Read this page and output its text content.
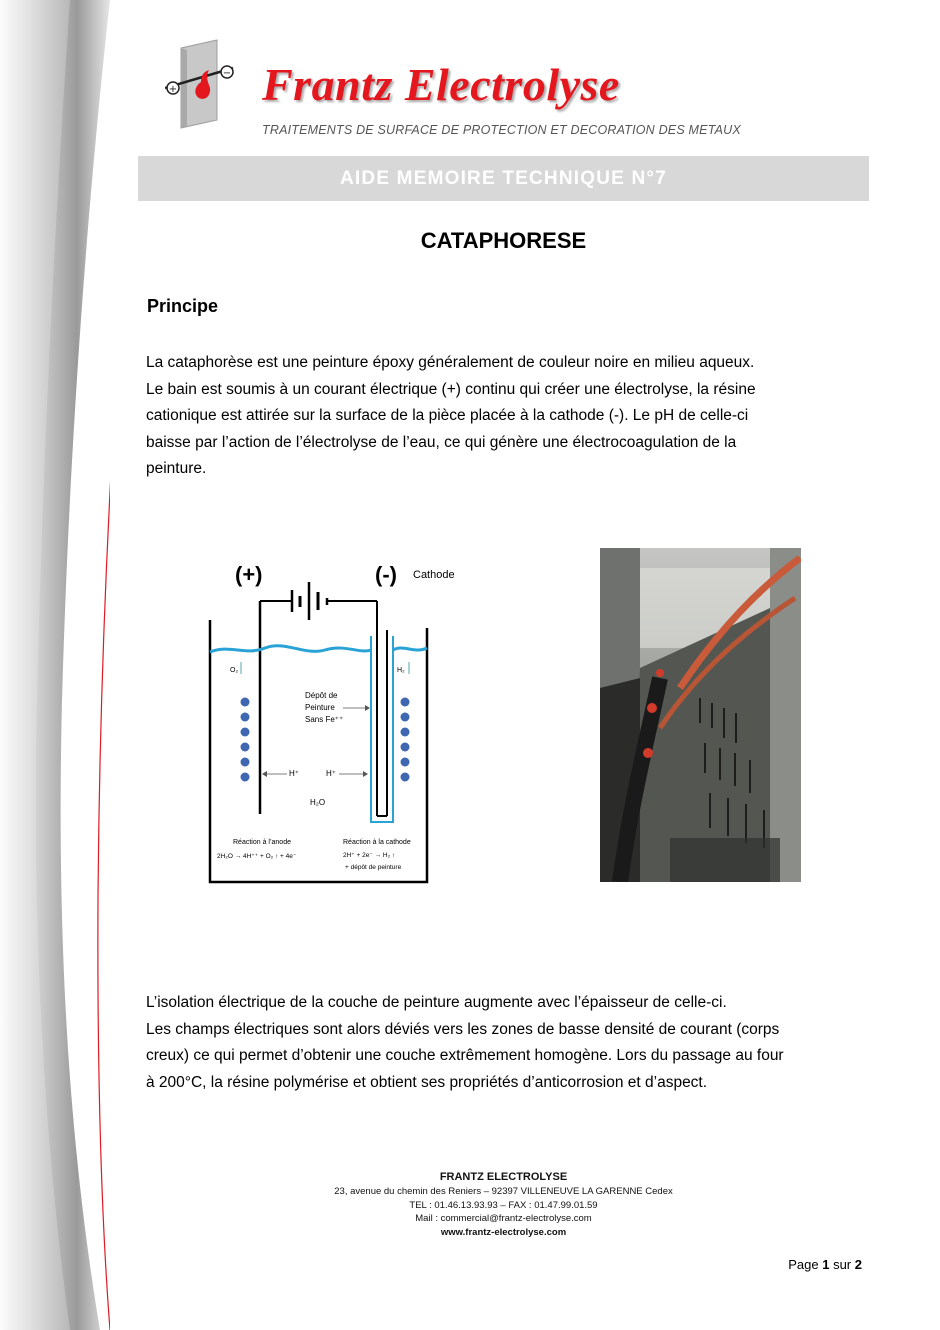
+
− Frantz Electrolyse
TRAITEMENTS DE SURFACE DE PROTECTION ET DECORATION DES METAUX
AIDE MEMOIRE TECHNIQUE N°7
CATAPHORESE
Principe
La cataphorèse est une peinture époxy généralement de couleur noire en milieu aqueux.
Le bain est soumis à un courant électrique (+) continu qui créer une électrolyse, la résine
cationique est attirée sur la surface de la pièce placée à la cathode (-). Le pH de celle-ci
baisse par l’action de l’électrolyse de l’eau, ce qui génère une électrocoagulation de la
peinture.
(+)	(-) Cathode
O₂	H₂
Dépôt de
Peinture
Sans Fe⁺⁺
H⁺	H⁺
H₂O
Réaction à l’anode
2H₂O → 4H⁺⁺ + O₂ ↑ + 4e⁻
Réaction à la cathode
2H⁺ + 2e⁻ → H₂ ↑
+ dépôt de peinture
L’isolation électrique de la couche de peinture augmente avec l’épaisseur de celle-ci.
Les champs électriques sont alors déviés vers les zones de basse densité de courant (corps
creux) ce qui permet d’obtenir une couche extrêmement homogène. Lors du passage au four
à 200°C, la résine polymérise et obtient ses propriétés d’anticorrosion et d’aspect.
FRANTZ ELECTROLYSE
23, avenue du chemin des Reniers – 92397 VILLENEUVE LA GARENNE Cedex
TEL : 01.46.13.93.93 – FAX : 01.47.99.01.59
Mail : commercial@frantz-electrolyse.com
www.frantz-electrolyse.com
Page 1 sur 2
